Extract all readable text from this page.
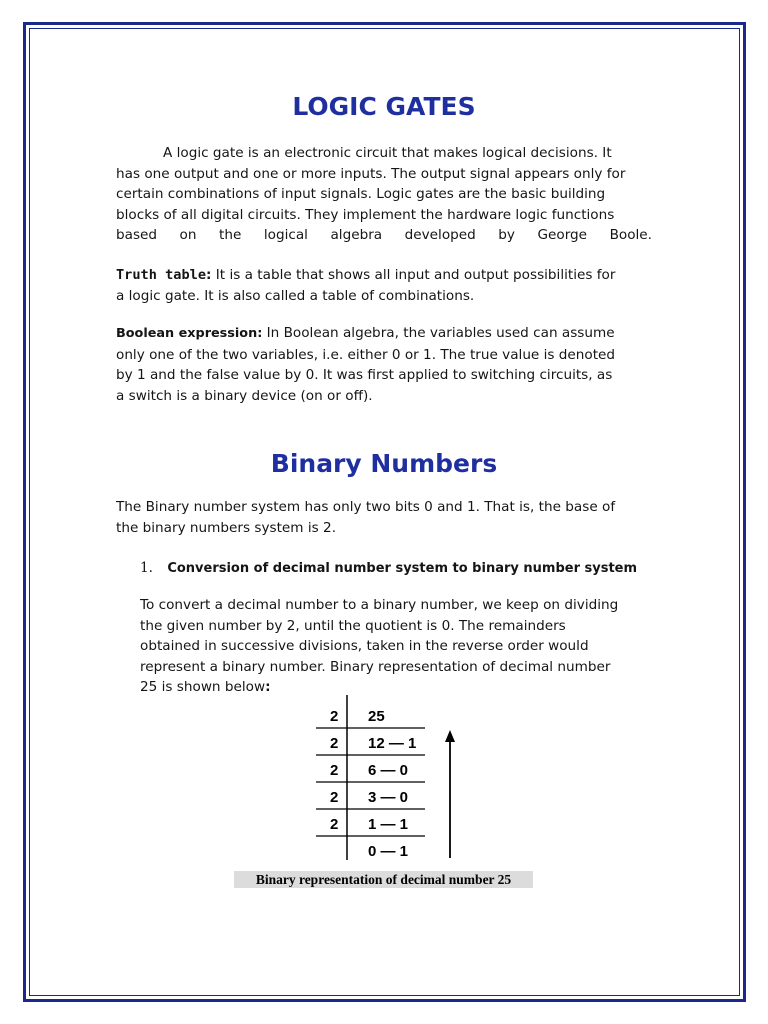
LOGIC GATES
A logic gate is an electronic circuit that makes logical decisions. It
has one output and one or more inputs. The output signal appears only for
certain combinations of input signals. Logic gates are the basic building
blocks of all digital circuits. They implement the hardware logic functions
based on the logical algebra developed by George Boole.
Truth table: It is a table that shows all input and output possibilities for
a logic gate. It is also called a table of combinations.
Boolean expression: In Boolean algebra, the variables used can assume
only one of the two variables, i.e. either 0 or 1. The true value is denoted
by 1 and the false value by 0. It was first applied to switching circuits, as
a switch is a binary device (on or off).
Binary Numbers
The Binary number system has only two bits 0 and 1. That is, the base of
the binary numbers system is 2.
1. Conversion of decimal number system to binary number system
To convert a decimal number to a binary number, we keep on dividing
the given number by 2, until the quotient is 0. The remainders
obtained in successive divisions, taken in the reverse order would
represent a binary number. Binary representation of decimal number
25 is shown below:
2
2
2
2
2
25
12 — 1
6 — 0
3 — 0
1 — 1
0 — 1
Binary representation of decimal number 25
